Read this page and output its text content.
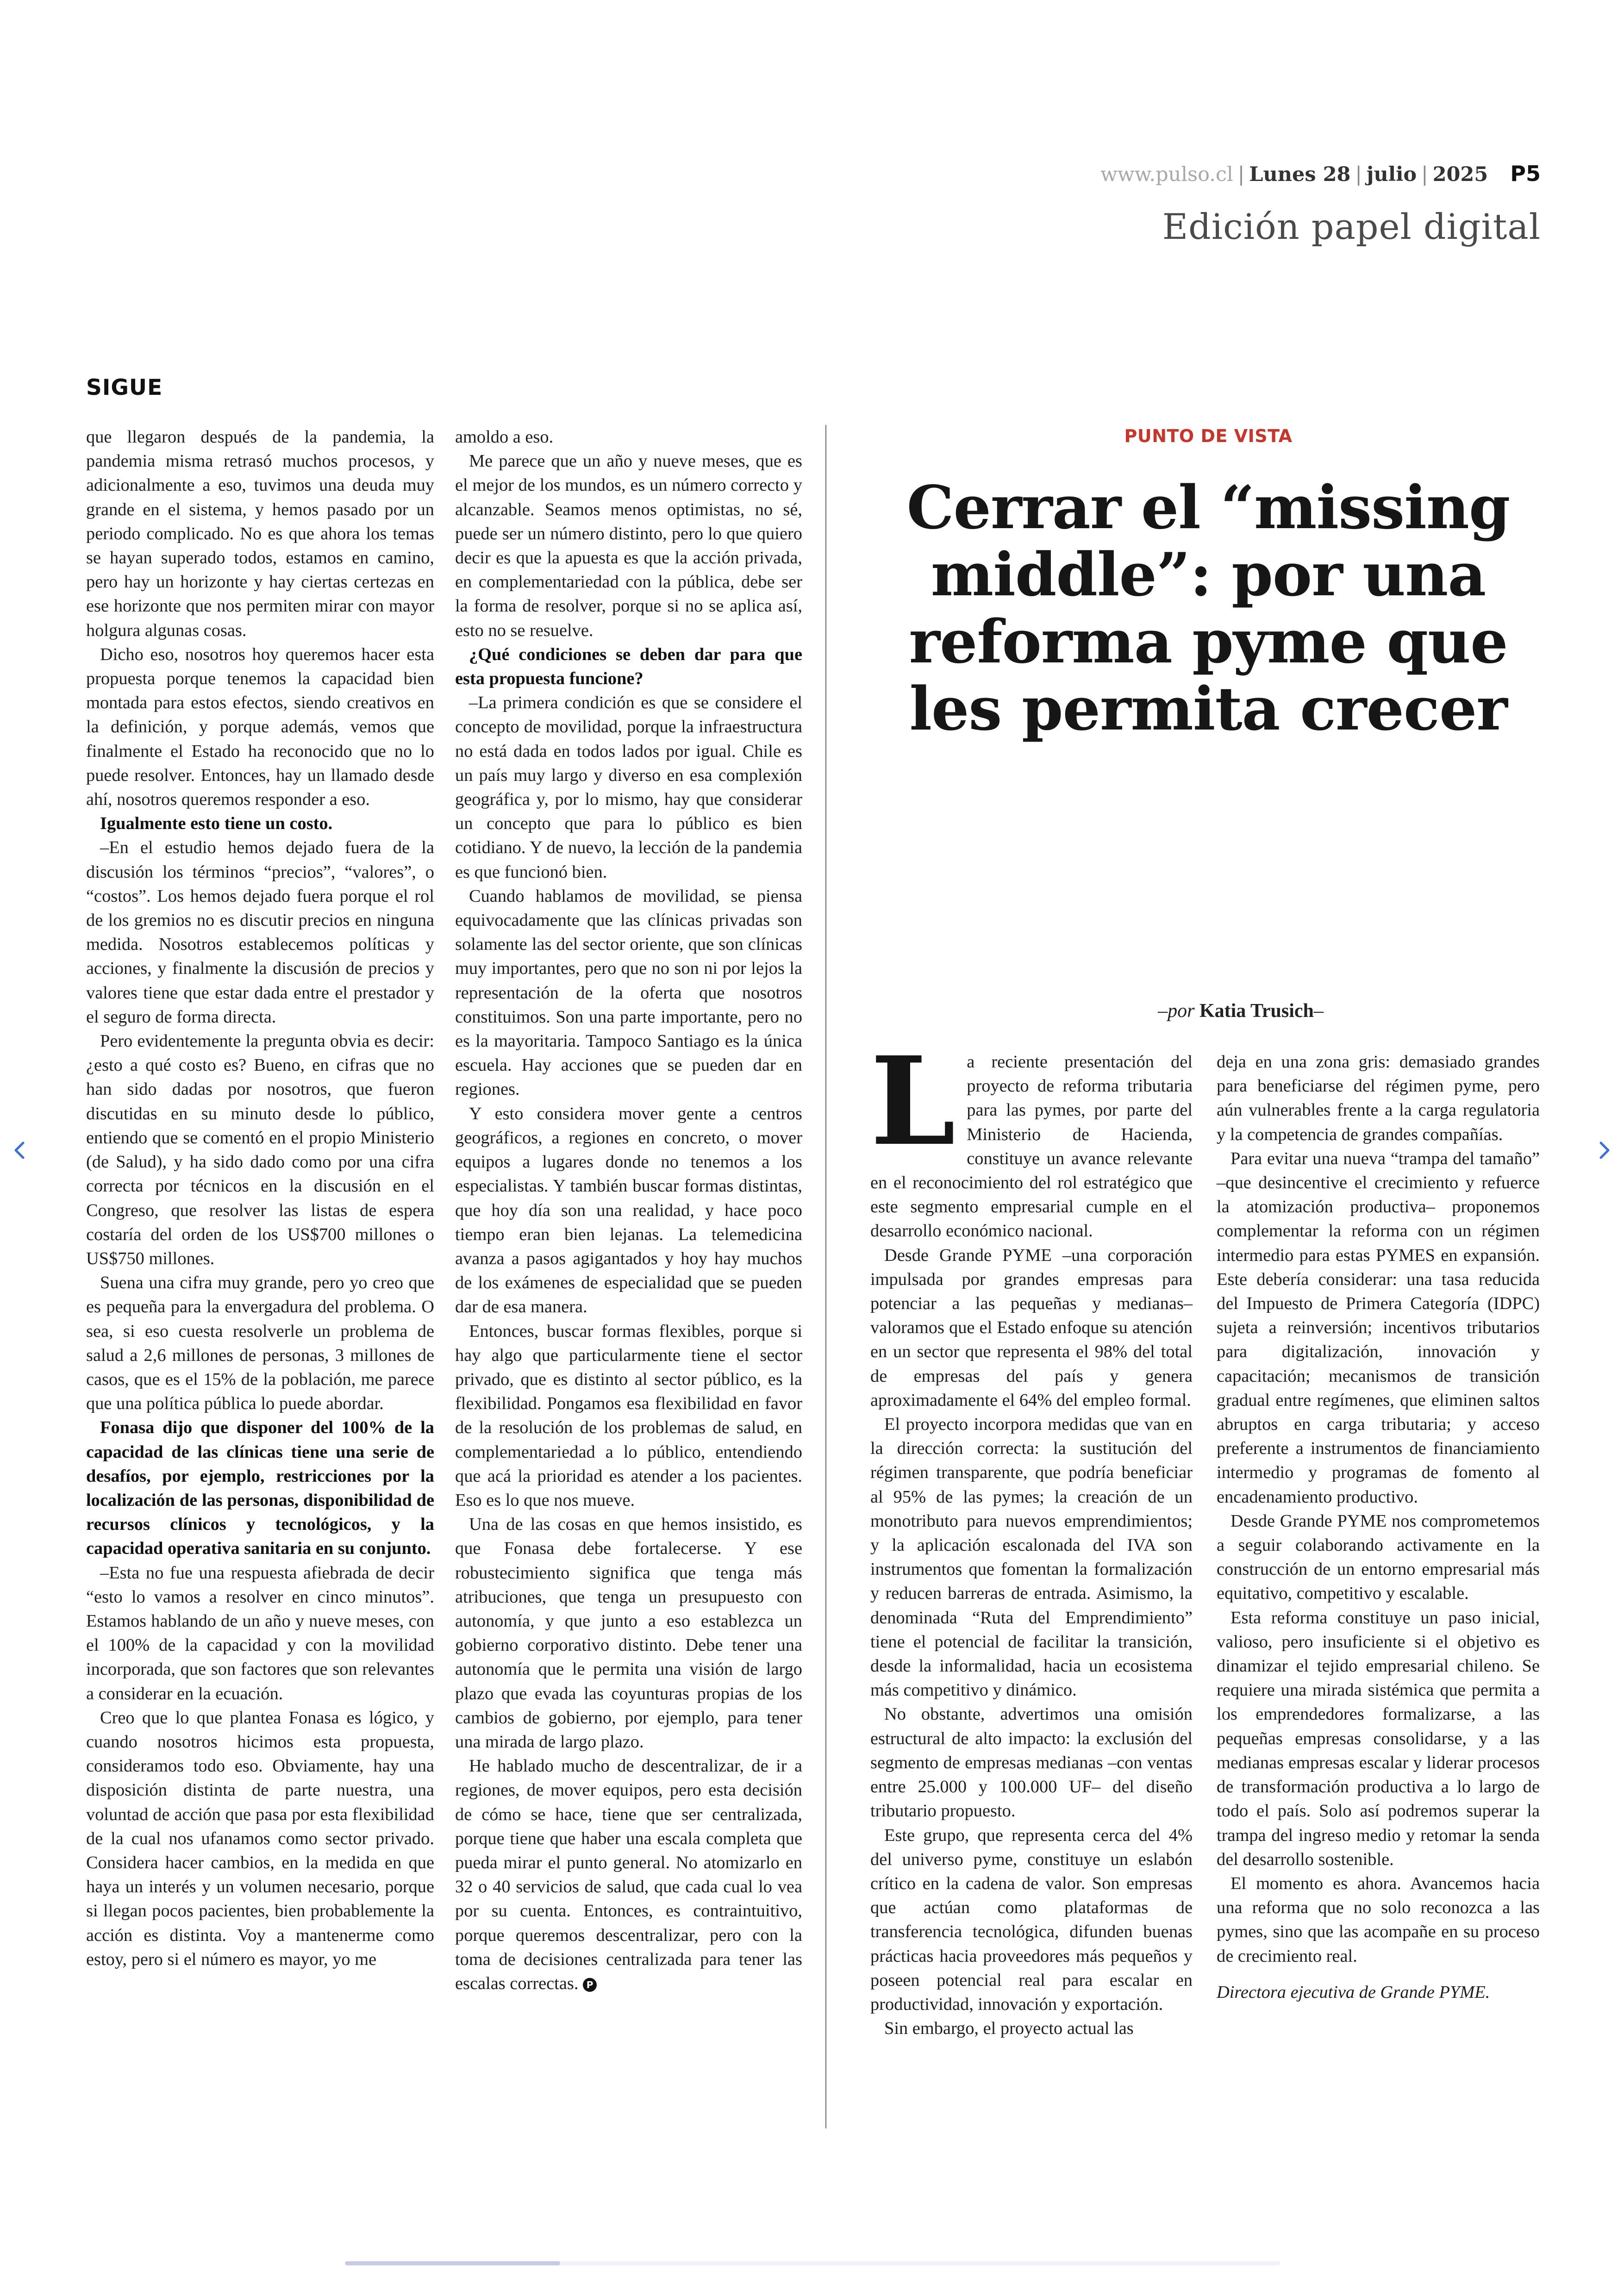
www.pulso.cl | Lunes 28 | julio | 2025 P5
Edición papel digital
SIGUE

que llegaron después de la pandemia, la pandemia misma retrasó muchos procesos, y adicionalmente a eso, tuvimos una deuda muy grande en el sistema, y hemos pasado por un periodo complicado. No es que ahora los temas se hayan superado todos, estamos en camino, pero hay un horizonte y hay ciertas certezas en ese horizonte que nos permiten mirar con mayor holgura algunas cosas.

Dicho eso, nosotros hoy queremos hacer esta propuesta porque tenemos la capacidad bien montada para estos efectos, siendo creativos en la definición, y porque además, vemos que finalmente el Estado ha reconocido que no lo puede resolver. Entonces, hay un llamado desde ahí, nosotros queremos responder a eso.

Igualmente esto tiene un costo.

–En el estudio hemos dejado fuera de la discusión los términos “precios”, “valores”, o “costos”. Los hemos dejado fuera porque el rol de los gremios no es discutir precios en ninguna medida. Nosotros establecemos políticas y acciones, y finalmente la discusión de precios y valores tiene que estar dada entre el prestador y el seguro de forma directa.

Pero evidentemente la pregunta obvia es decir: ¿esto a qué costo es? Bueno, en cifras que no han sido dadas por nosotros, que fueron discutidas en su minuto desde lo público, entiendo que se comentó en el propio Ministerio (de Salud), y ha sido dado como por una cifra correcta por técnicos en la discusión en el Congreso, que resolver las listas de espera costaría del orden de los US$700 millones o US$750 millones.

Suena una cifra muy grande, pero yo creo que es pequeña para la envergadura del problema. O sea, si eso cuesta resolverle un problema de salud a 2,6 millones de personas, 3 millones de casos, que es el 15% de la población, me parece que una política pública lo puede abordar.

Fonasa dijo que disponer del 100% de la capacidad de las clínicas tiene una serie de desafíos, por ejemplo, restricciones por la localización de las personas, disponibilidad de recursos clínicos y tecnológicos, y la capacidad operativa sanitaria en su conjunto.

–Esta no fue una respuesta afiebrada de decir “esto lo vamos a resolver en cinco minutos”. Estamos hablando de un año y nueve meses, con el 100% de la capacidad y con la movilidad incorporada, que son factores que son relevantes a considerar en la ecuación.

Creo que lo que plantea Fonasa es lógico, y cuando nosotros hicimos esta propuesta, consideramos todo eso. Obviamente, hay una disposición distinta de parte nuestra, una voluntad de acción que pasa por esta flexibilidad de la cual nos ufanamos como sector privado. Considera hacer cambios, en la medida en que haya un interés y un volumen necesario, porque si llegan pocos pacientes, bien probablemente la acción es distinta. Voy a mantenerme como estoy, pero si el número es mayor, yo me

amoldo a eso.

Me parece que un año y nueve meses, que es el mejor de los mundos, es un número correcto y alcanzable. Seamos menos optimistas, no sé, puede ser un número distinto, pero lo que quiero decir es que la apuesta es que la acción privada, en complementariedad con la pública, debe ser la forma de resolver, porque si no se aplica así, esto no se resuelve.

¿Qué condiciones se deben dar para que esta propuesta funcione?

–La primera condición es que se considere el concepto de movilidad, porque la infraestructura no está dada en todos lados por igual. Chile es un país muy largo y diverso en esa complexión geográfica y, por lo mismo, hay que considerar un concepto que para lo público es bien cotidiano. Y de nuevo, la lección de la pandemia es que funcionó bien.

Cuando hablamos de movilidad, se piensa equivocadamente que las clínicas privadas son solamente las del sector oriente, que son clínicas muy importantes, pero que no son ni por lejos la representación de la oferta que nosotros constituimos. Son una parte importante, pero no es la mayoritaria. Tampoco Santiago es la única escuela. Hay acciones que se pueden dar en regiones.

Y esto considera mover gente a centros geográficos, a regiones en concreto, o mover equipos a lugares donde no tenemos a los especialistas. Y también buscar formas distintas, que hoy día son una realidad, y hace poco tiempo eran bien lejanas. La telemedicina avanza a pasos agigantados y hoy hay muchos de los exámenes de especialidad que se pueden dar de esa manera.

Entonces, buscar formas flexibles, porque si hay algo que particularmente tiene el sector privado, que es distinto al sector público, es la flexibilidad. Pongamos esa flexibilidad en favor de la resolución de los problemas de salud, en complementariedad a lo público, entendiendo que acá la prioridad es atender a los pacientes. Eso es lo que nos mueve.

Una de las cosas en que hemos insistido, es que Fonasa debe fortalecerse. Y ese robustecimiento significa que tenga más atribuciones, que tenga un presupuesto con autonomía, y que junto a eso establezca un gobierno corporativo distinto. Debe tener una autonomía que le permita una visión de largo plazo que evada las coyunturas propias de los cambios de gobierno, por ejemplo, para tener una mirada de largo plazo.

He hablado mucho de descentralizar, de ir a regiones, de mover equipos, pero esta decisión de cómo se hace, tiene que ser centralizada, porque tiene que haber una escala completa que pueda mirar el punto general. No atomizarlo en 32 o 40 servicios de salud, que cada cual lo vea por su cuenta. Entonces, es contraintuitivo, porque queremos descentralizar, pero con la toma de decisiones centralizada para tener las escalas correctas. P

PUNTO DE VISTA
Cerrar el “missing middle”: por una reforma pyme que les permita crecer
–por Katia Trusich–

La reciente presentación del proyecto de reforma tributaria para las pymes, por parte del Ministerio de Hacienda, constituye un avance relevante en el reconocimiento del rol estratégico que este segmento empresarial cumple en el desarrollo económico nacional.

Desde Grande PYME –una corporación impulsada por grandes empresas para potenciar a las pequeñas y medianas– valoramos que el Estado enfoque su atención en un sector que representa el 98% del total de empresas del país y genera aproximadamente el 64% del empleo formal.

El proyecto incorpora medidas que van en la dirección correcta: la sustitución del régimen transparente, que podría beneficiar al 95% de las pymes; la creación de un monotributo para nuevos emprendimientos; y la aplicación escalonada del IVA son instrumentos que fomentan la formalización y reducen barreras de entrada. Asimismo, la denominada “Ruta del Emprendimiento” tiene el potencial de facilitar la transición, desde la informalidad, hacia un ecosistema más competitivo y dinámico.

No obstante, advertimos una omisión estructural de alto impacto: la exclusión del segmento de empresas medianas –con ventas entre 25.000 y 100.000 UF– del diseño tributario propuesto.

Este grupo, que representa cerca del 4% del universo pyme, constituye un eslabón crítico en la cadena de valor. Son empresas que actúan como plataformas de transferencia tecnológica, difunden buenas prácticas hacia proveedores más pequeños y poseen potencial real para escalar en productividad, innovación y exportación.

Sin embargo, el proyecto actual las

deja en una zona gris: demasiado grandes para beneficiarse del régimen pyme, pero aún vulnerables frente a la carga regulatoria y la competencia de grandes compañías.

Para evitar una nueva “trampa del tamaño” –que desincentive el crecimiento y refuerce la atomización productiva– proponemos complementar la reforma con un régimen intermedio para estas PYMES en expansión. Este debería considerar: una tasa reducida del Impuesto de Primera Categoría (IDPC) sujeta a reinversión; incentivos tributarios para digitalización, innovación y capacitación; mecanismos de transición gradual entre regímenes, que eliminen saltos abruptos en carga tributaria; y acceso preferente a instrumentos de financiamiento intermedio y programas de fomento al encadenamiento productivo.

Desde Grande PYME nos comprometemos a seguir colaborando activamente en la construcción de un entorno empresarial más equitativo, competitivo y escalable.

Esta reforma constituye un paso inicial, valioso, pero insuficiente si el objetivo es dinamizar el tejido empresarial chileno. Se requiere una mirada sistémica que permita a los emprendedores formalizarse, a las pequeñas empresas consolidarse, y a las medianas empresas escalar y liderar procesos de transformación productiva a lo largo de todo el país. Solo así podremos superar la trampa del ingreso medio y retomar la senda del desarrollo sostenible.

El momento es ahora. Avancemos hacia una reforma que no solo reconozca a las pymes, sino que las acompañe en su proceso de crecimiento real.

Directora ejecutiva de Grande PYME.
